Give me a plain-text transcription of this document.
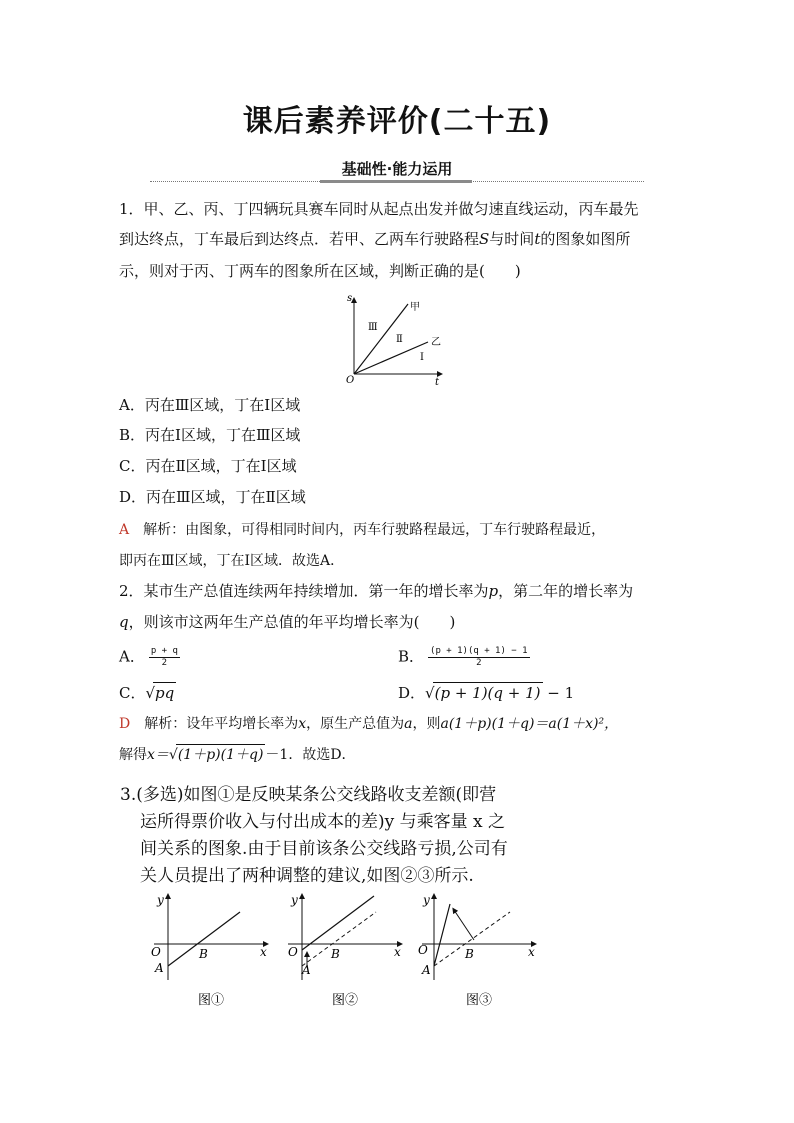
课后素养评价(二十五)
基础性·能力运用
1．甲、乙、丙、丁四辆玩具赛车同时从起点出发并做匀速直线运动，丙车最先
到达终点，丁车最后到达终点．若甲、乙两车行驶路程S与时间t的图象如图所
示，则对于丙、丁两车的图象所在区域，判断正确的是(　　)
s
t
O
甲
乙
Ⅲ
Ⅱ
Ⅰ
A．丙在Ⅲ区域，丁在Ⅰ区域
B．丙在Ⅰ区域，丁在Ⅲ区域
C．丙在Ⅱ区域，丁在Ⅰ区域
D．丙在Ⅲ区域，丁在Ⅱ区域
A　解析：由图象，可得相同时间内，丙车行驶路程最远，丁车行驶路程最近，
即丙在Ⅲ区域，丁在Ⅰ区域．故选A．
2．某市生产总值连续两年持续增加．第一年的增长率为p，第二年的增长率为
q，则该市这两年生产总值的年平均增长率为(　　)
A． $\frac{p + q}{2}$	B． $\frac{(p + 1)(q + 1) - 1}{2}$
C．√pq	D．√(p + 1)(q + 1) − 1
D　解析：设年平均增长率为x，原生产总值为a，则a(1＋p)(1＋q)＝a(1＋x)²，
解得x＝√(1＋p)(1＋q) －1．故选D．
3.(多选)如图①是反映某条公交线路收支差额(即营
运所得票价收入与付出成本的差)y 与乘客量 x 之
间关系的图象.由于目前该条公交线路亏损,公司有
关人员提出了两种调整的建议,如图②③所示.
y
x
O
A
B
图①
y
x
O
A
B
图②
y
x
O
A
B
图③
